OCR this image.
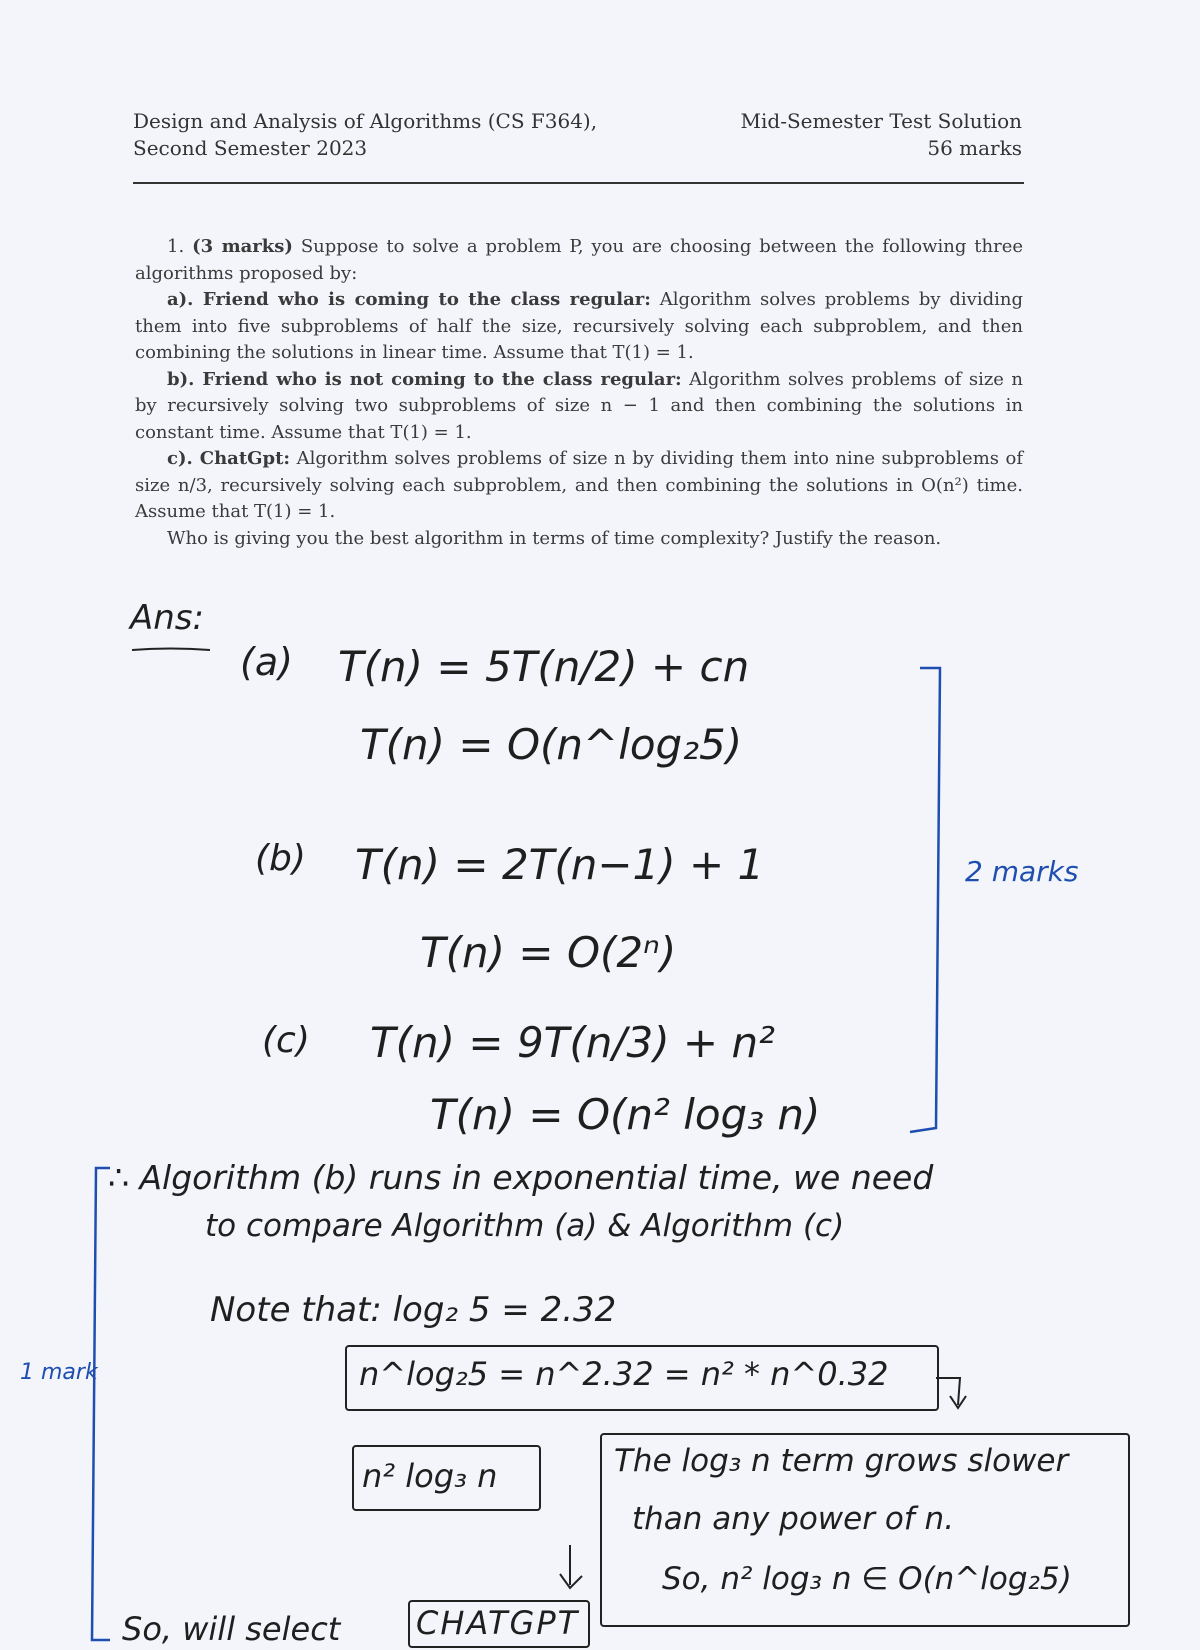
Design and Analysis of Algorithms (CS F364),
Second Semester 2023
Mid-Semester Test Solution
56 marks

1. (3 marks) Suppose to solve a problem P, you are choosing between the following three algorithms proposed by:

a). Friend who is coming to the class regular: Algorithm solves problems by dividing them into five subproblems of half the size, recursively solving each subproblem, and then combining the solutions in linear time. Assume that T(1) = 1.

b). Friend who is not coming to the class regular: Algorithm solves problems of size n by recursively solving two subproblems of size n − 1 and then combining the solutions in constant time. Assume that T(1) = 1.

c). ChatGpt: Algorithm solves problems of size n by dividing them into nine subproblems of size n/3, recursively solving each subproblem, and then combining the solutions in O(n²) time. Assume that T(1) = 1.

Who is giving you the best algorithm in terms of time complexity? Justify the reason.

Ans:
(a) T(n) = 5T(n/2) + cn
T(n) = O(n^log₂5)
(b) T(n) = 2T(n−1) + 1
T(n) = O(2ⁿ)
(c) T(n) = 9T(n/3) + n²
T(n) = O(n² log₃ n)
2 marks
∴ Algorithm (b) runs in exponential time, we need
to compare Algorithm (a) & Algorithm (c)
Note that: log₂ 5 = 2.32
n^log₂5 = n^2.32 = n² * n^0.32
n² log₃ n	The log₃ n term grows slower
than any power of n.
So, n² log₃ n ∈ O(n^log₂5)
1 mark
So, will select CHATGPT
